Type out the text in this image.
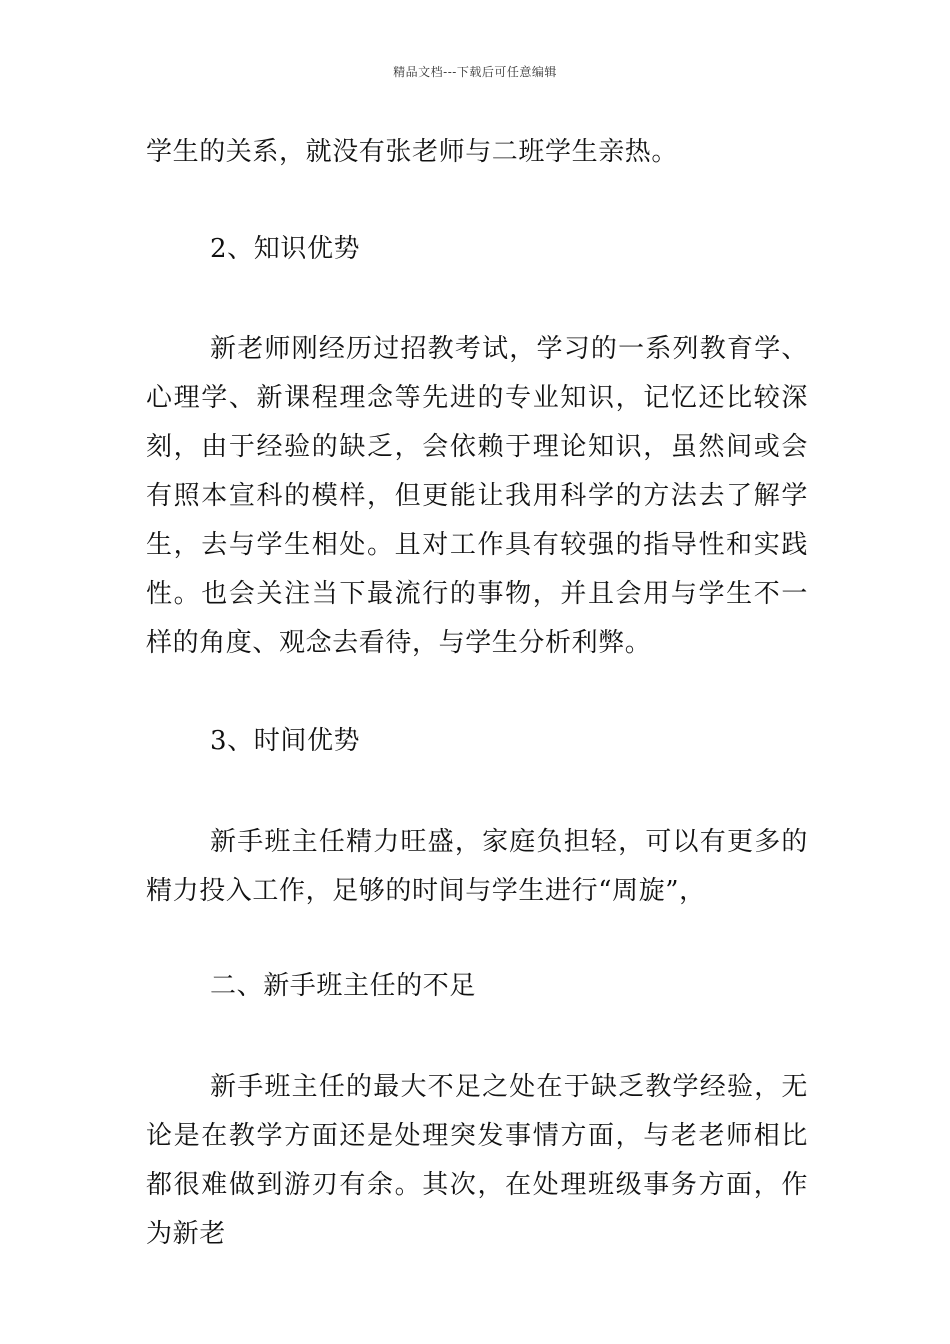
精品文档---下载后可任意编辑

学生的关系，就没有张老师与二班学生亲热。

2、知识优势

新老师刚经历过招教考试，学习的一系列教育学、心理学、新课程理念等先进的专业知识，记忆还比较深刻，由于经验的缺乏，会依赖于理论知识，虽然间或会有照本宣科的模样，但更能让我用科学的方法去了解学生，去与学生相处。且对工作具有较强的指导性和实践性。也会关注当下最流行的事物，并且会用与学生不一样的角度、观念去看待，与学生分析利弊。

3、时间优势

新手班主任精力旺盛，家庭负担轻，可以有更多的精力投入工作，足够的时间与学生进行“周旋”，

二、新手班主任的不足

新手班主任的最大不足之处在于缺乏教学经验，无论是在教学方面还是处理突发事情方面，与老老师相比都很难做到游刃有余。其次，在处理班级事务方面，作为新老
